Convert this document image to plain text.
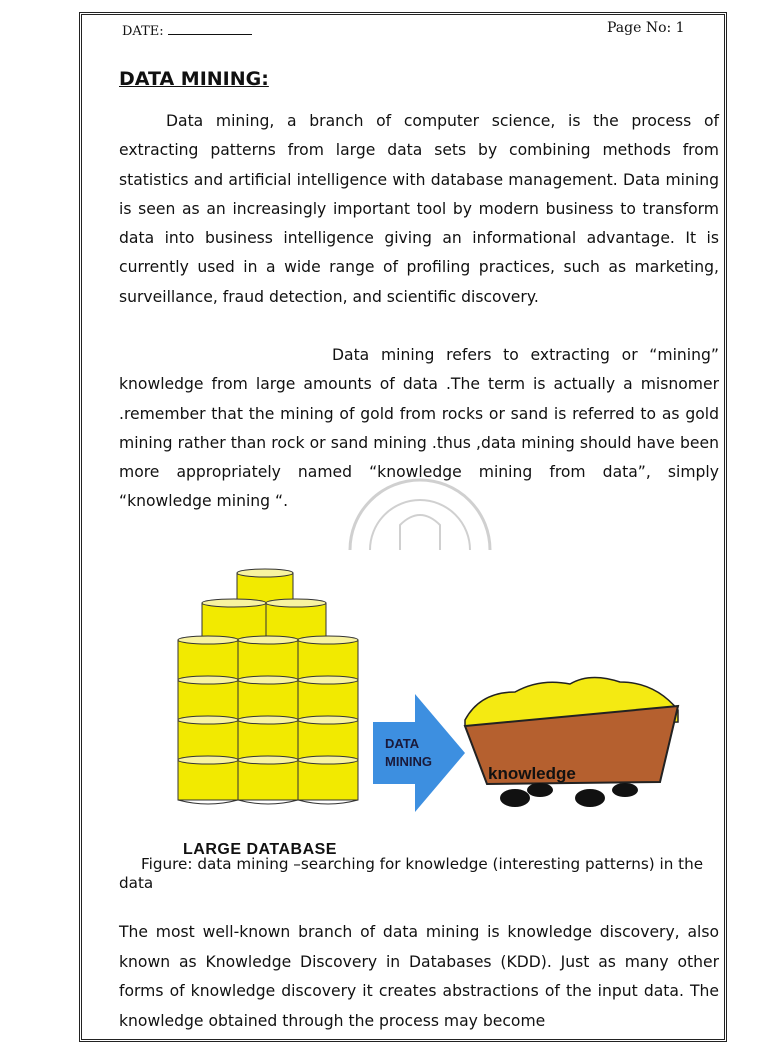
DATE:	Page No: 1
DATA MINING:

Data mining, a branch of computer science, is the process of extracting patterns from large data sets by combining methods from statistics and artificial intelligence with database management. Data mining is seen as an increasingly important tool by modern business to transform data into business intelligence giving an informational advantage. It is currently used in a wide range of profiling practices, such as marketing, surveillance, fraud detection, and scientific discovery.

Data mining refers to extracting or “mining” knowledge from large amounts of data .The term is actually a misnomer .remember that the mining of gold from rocks or sand is referred to as gold mining rather than rock or sand mining .thus ,data mining should have been more appropriately named “knowledge mining from data”, simply “knowledge mining “.

DATA
MINING
knowledge
LARGE DATABASE

Figure: data mining –searching for knowledge (interesting patterns) in the data

The most well-known branch of data mining is knowledge discovery, also known as Knowledge Discovery in Databases (KDD). Just as many other forms of knowledge discovery it creates abstractions of the input data. The knowledge obtained through the process may become
